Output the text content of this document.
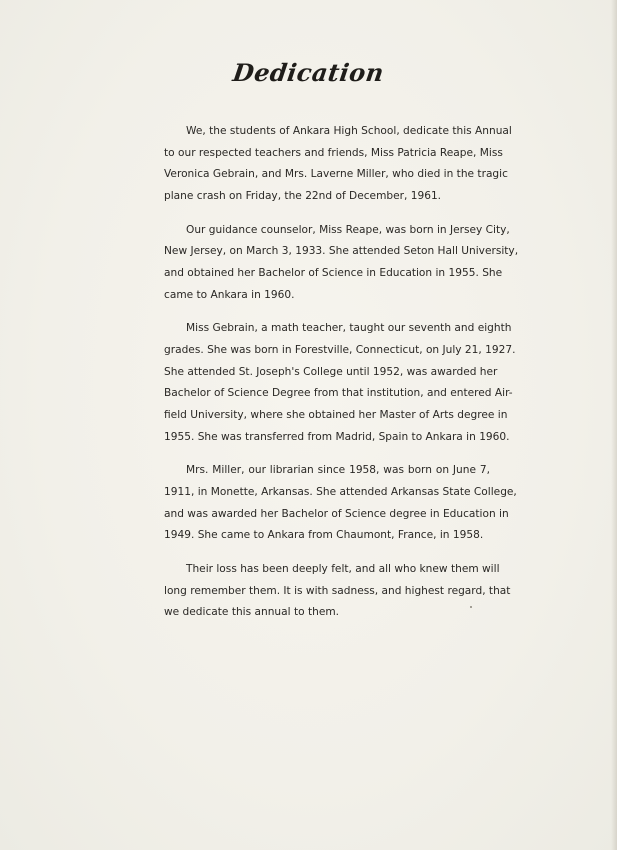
Dedication
We, the students of Ankara High School, dedicate this Annual
to our respected teachers and friends, Miss Patricia Reape, Miss
Veronica Gebrain, and Mrs. Laverne Miller, who died in the tragic
plane crash on Friday, the 22nd of December, 1961.
Our guidance counselor, Miss Reape, was born in Jersey City,
New Jersey, on March 3, 1933. She attended Seton Hall University,
and obtained her Bachelor of Science in Education in 1955. She
came to Ankara in 1960.
Miss Gebrain, a math teacher, taught our seventh and eighth
grades. She was born in Forestville, Connecticut, on July 21, 1927.
She attended St. Joseph's College until 1952, was awarded her
Bachelor of Science Degree from that institution, and entered Air-
field University, where she obtained her Master of Arts degree in
1955. She was transferred from Madrid, Spain to Ankara in 1960.
Mrs. Miller, our librarian since 1958, was born on June 7,
1911, in Monette, Arkansas. She attended Arkansas State College,
and was awarded her Bachelor of Science degree in Education in
1949. She came to Ankara from Chaumont, France, in 1958.
Their loss has been deeply felt, and all who knew them will
long remember them. It is with sadness, and highest regard, that
we dedicate this annual to them.
